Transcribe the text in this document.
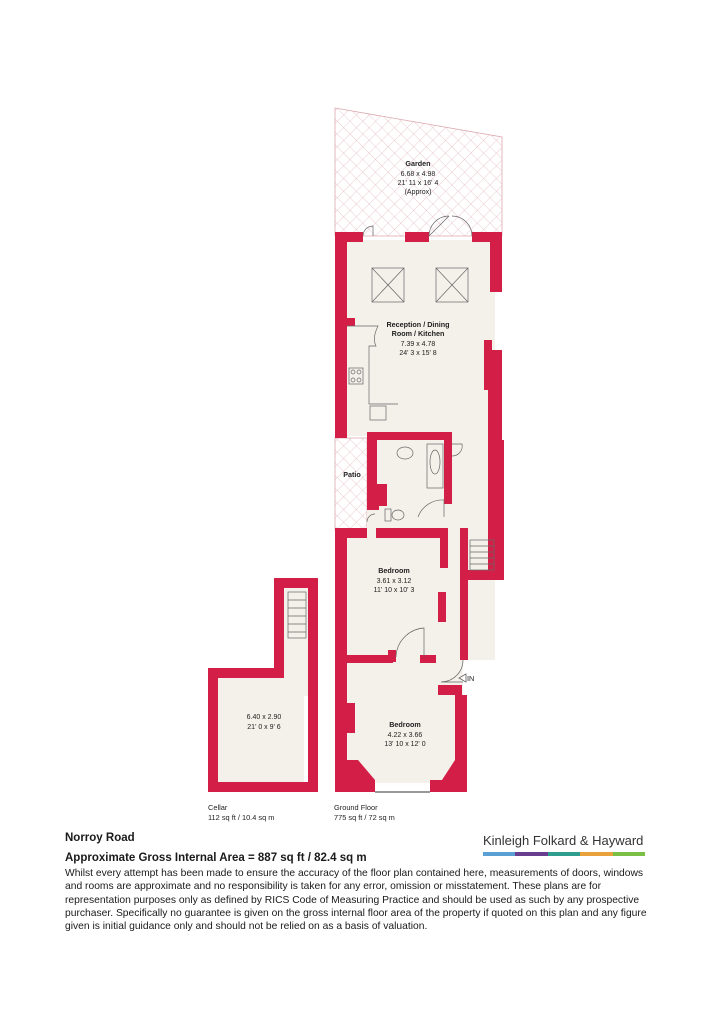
Garden
6.68 x 4.98
21' 11 x 16' 4
(Approx)
Reception / Dining
Room / Kitchen
7.39 x 4.78
24' 3 x 15' 8
Patio
Bedroom
3.61 x 3.12
11' 10 x 10' 3
Bedroom
4.22 x 3.66
13' 10 x 12' 0
6.40 x 2.90
21' 0 x 9' 6
IN
Cellar
112 sq ft / 10.4 sq m
Ground Floor
775 sq ft / 72 sq m

Norroy Road

Approximate Gross Internal Area = 887 sq ft / 82.4 sq m

Whilst every attempt has been made to ensure the accuracy of the floor plan contained here, measurements of doors, windows and rooms are approximate and no responsibility is taken for any error, omission or misstatement. These plans are for representation purposes only as defined by RICS Code of Measuring Practice and should be used as such by any prospective purchaser. Specifically no guarantee is given on the gross internal floor area of the property if quoted on this plan and any figure given is initial guidance only and should not be relied on as a basis of valuation.

Kinleigh Folkard & Hayward
